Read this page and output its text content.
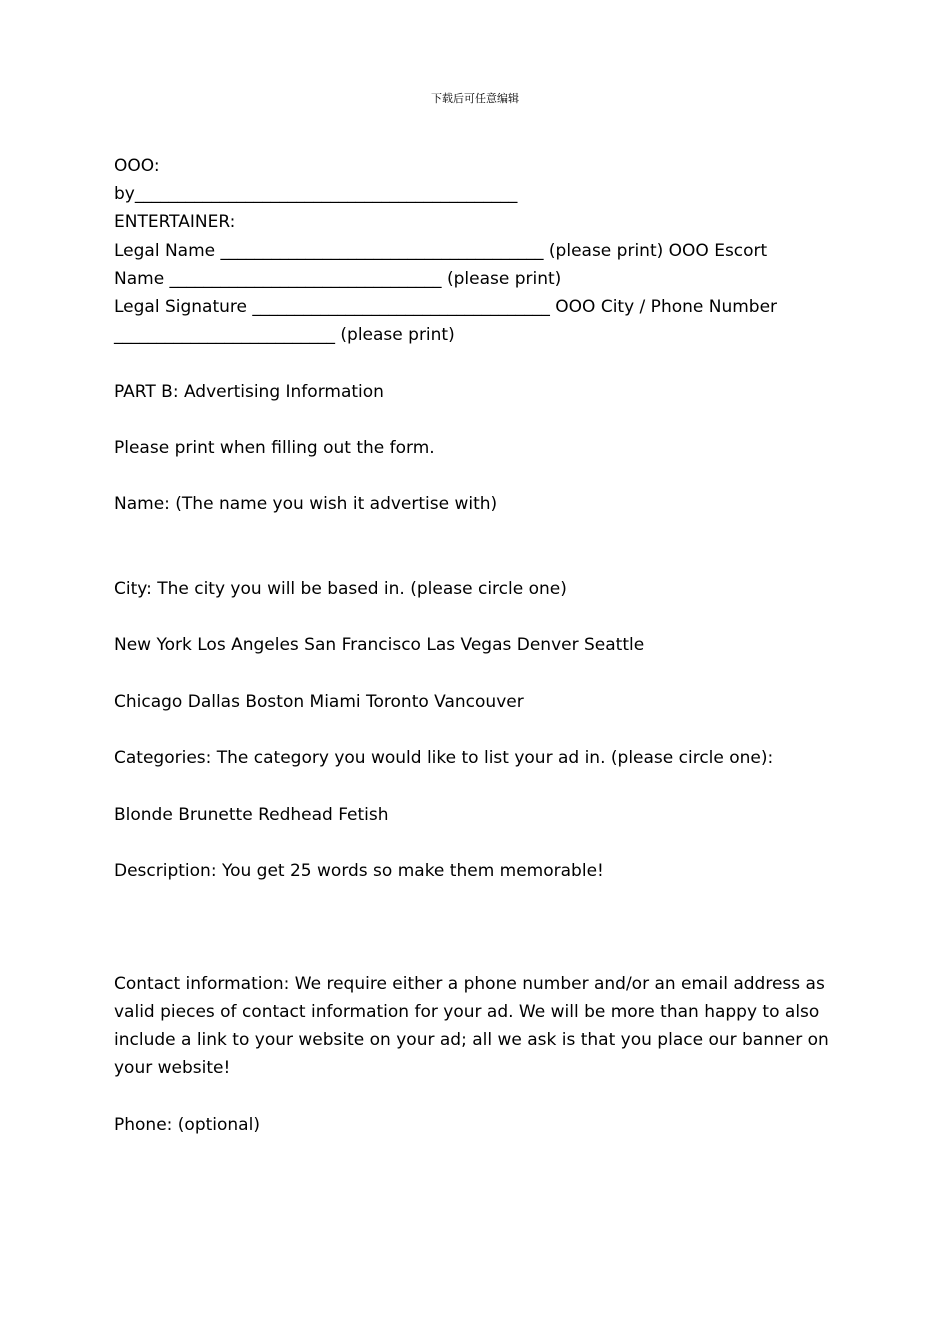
下载后可任意编辑

OOO:

by_____________________________________________

ENTERTAINER:

Legal Name ______________________________________ (please print) OOO Escort

Name ________________________________ (please print)

Legal Signature ___________________________________ OOO City / Phone Number

__________________________ (please print)

PART B: Advertising Information

Please print when filling out the form.

Name: (The name you wish it advertise with)

City: The city you will be based in. (please circle one)

New York Los Angeles San Francisco Las Vegas Denver Seattle

Chicago Dallas Boston Miami Toronto Vancouver

Categories: The category you would like to list your ad in. (please circle one):

Blonde Brunette Redhead Fetish

Description: You get 25 words so make them memorable!

Contact information: We require either a phone number and/or an email address as valid pieces of contact information for your ad. We will be more than happy to also include a link to your website on your ad; all we ask is that you place our banner on your website!

Phone: (optional)
